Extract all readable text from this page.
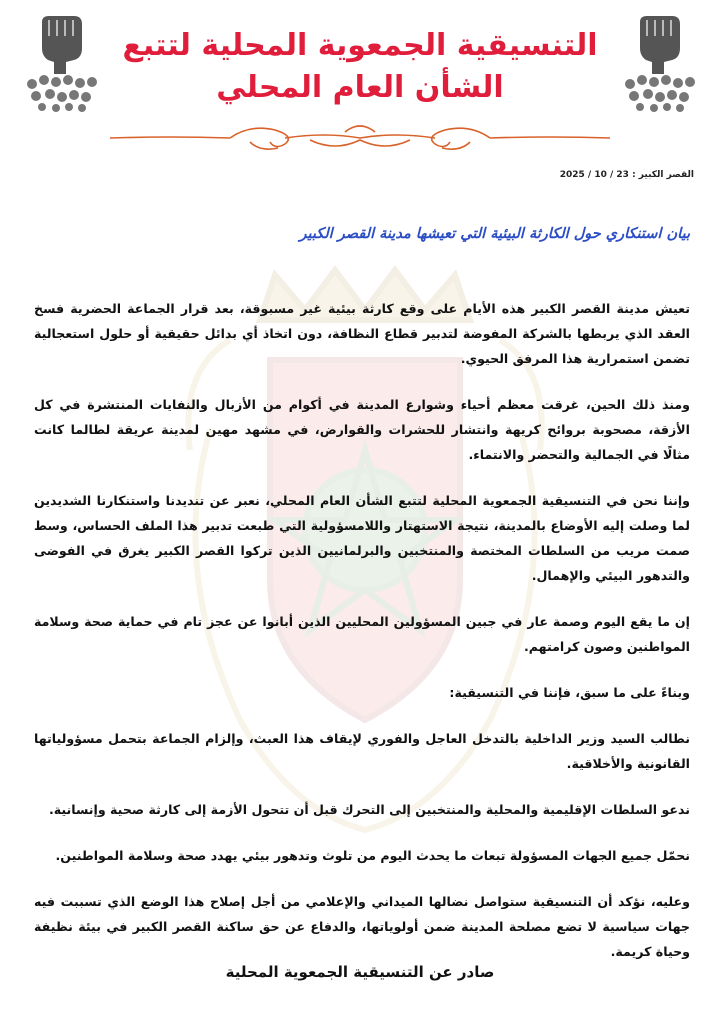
التنسيقية الجمعوية المحلية لتتبع
الشأن العام المحلي
القصر الكبير : 23 / 10 / 2025
بيان استنكاري حول الكارثة البيئية التي تعيشها مدينة القصر الكبير

تعيش مدينة القصر الكبير هذه الأيام على وقع كارثة بيئية غير مسبوقة، بعد قرار الجماعة الحضرية فسخ العقد الذي يربطها بالشركة المفوضة لتدبير قطاع النظافة، دون اتخاذ أي بدائل حقيقية أو حلول استعجالية تضمن استمرارية هذا المرفق الحيوي.

ومنذ ذلك الحين، غرقت معظم أحياء وشوارع المدينة في أكوام من الأزبال والنفايات المنتشرة في كل الأزقة، مصحوبة بروائح كريهة وانتشار للحشرات والقوارض، في مشهد مهين لمدينة عريقة لطالما كانت مثالًا في الجمالية والتحضر والانتماء.

وإننا نحن في التنسيقية الجمعوية المحلية لتتبع الشأن العام المحلي، نعبر عن تنديدنا واستنكارنا الشديدين لما وصلت إليه الأوضاع بالمدينة، نتيجة الاستهتار واللامسؤولية التي طبعت تدبير هذا الملف الحساس، وسط صمت مريب من السلطات المختصة والمنتخبين والبرلمانيين الذين تركوا القصر الكبير يغرق في الفوضى والتدهور البيئي والإهمال.

إن ما يقع اليوم وصمة عار في جبين المسؤولين المحليين الذين أبانوا عن عجز تام في حماية صحة وسلامة المواطنين وصون كرامتهم.

وبناءً على ما سبق، فإننا في التنسيقية:

نطالب السيد وزير الداخلية بالتدخل العاجل والفوري لإيقاف هذا العبث، وإلزام الجماعة بتحمل مسؤولياتها القانونية والأخلاقية.

ندعو السلطات الإقليمية والمحلية والمنتخبين إلى التحرك قبل أن تتحول الأزمة إلى كارثة صحية وإنسانية.

نحمّل جميع الجهات المسؤولة تبعات ما يحدث اليوم من تلوث وتدهور بيئي يهدد صحة وسلامة المواطنين.

وعليه، نؤكد أن التنسيقية ستواصل نضالها الميداني والإعلامي من أجل إصلاح هذا الوضع الذي تسببت فيه جهات سياسية لا تضع مصلحة المدينة ضمن أولوياتها، والدفاع عن حق ساكنة القصر الكبير في بيئة نظيفة وحياة كريمة.

صادر عن التنسيقية الجمعوية المحلية
